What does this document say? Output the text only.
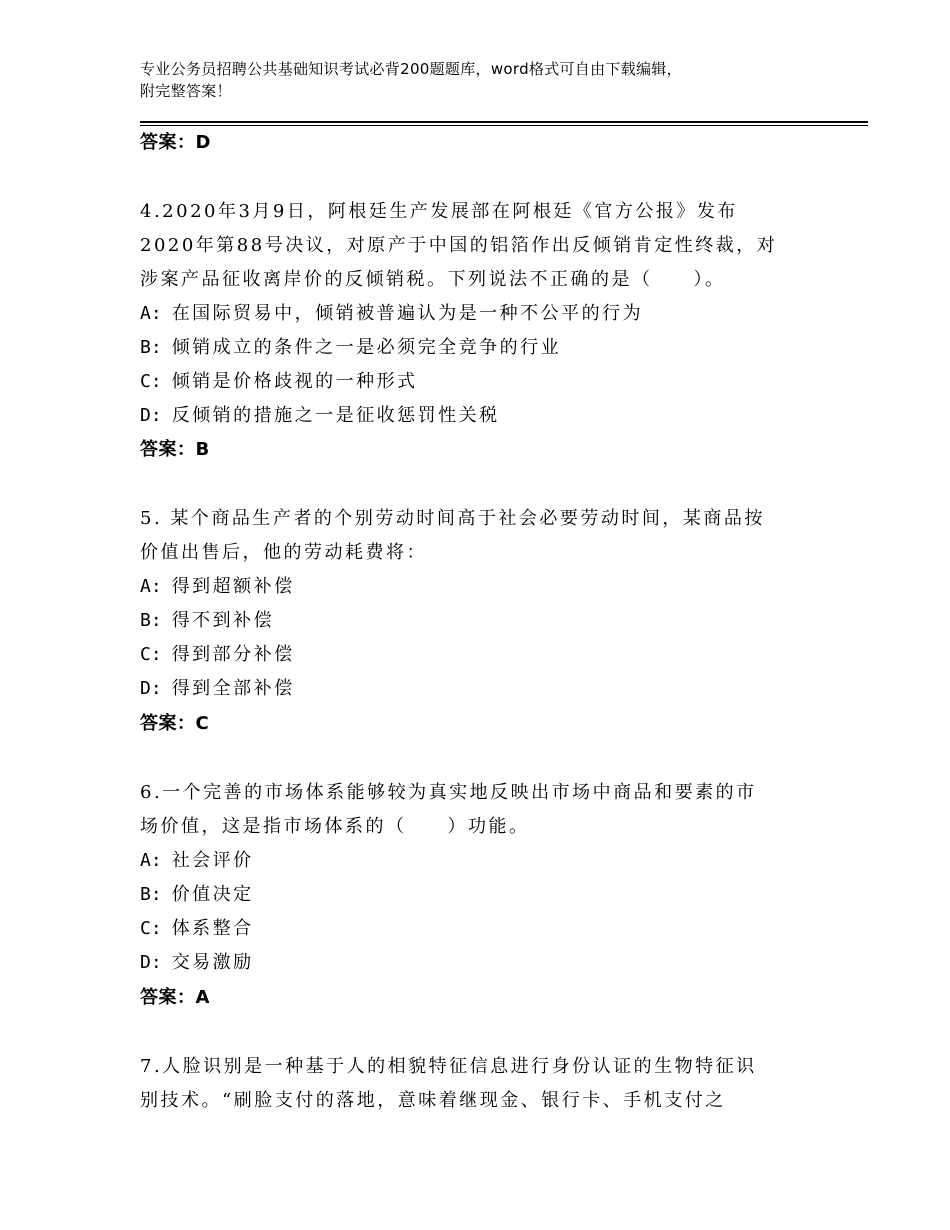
专业公务员招聘公共基础知识考试必背200题题库，word格式可自由下载编辑，
附完整答案！
答案：D
4.2020年3月9日，阿根廷生产发展部在阿根廷《官方公报》发布
2020年第88号决议，对原产于中国的铝箔作出反倾销肯定性终裁，对
涉案产品征收离岸价的反倾销税。下列说法不正确的是（　　）。
A: 在国际贸易中，倾销被普遍认为是一种不公平的行为
B: 倾销成立的条件之一是必须完全竞争的行业
C: 倾销是价格歧视的一种形式
D: 反倾销的措施之一是征收惩罚性关税
答案：B
5. 某个商品生产者的个别劳动时间高于社会必要劳动时间，某商品按
价值出售后，他的劳动耗费将：
A: 得到超额补偿
B: 得不到补偿
C: 得到部分补偿
D: 得到全部补偿
答案：C
6.一个完善的市场体系能够较为真实地反映出市场中商品和要素的市
场价值，这是指市场体系的（　　）功能。
A: 社会评价
B: 价值决定
C: 体系整合
D: 交易激励
答案：A
7.人脸识别是一种基于人的相貌特征信息进行身份认证的生物特征识
别技术。“刷脸支付的落地，意味着继现金、银行卡、手机支付之
